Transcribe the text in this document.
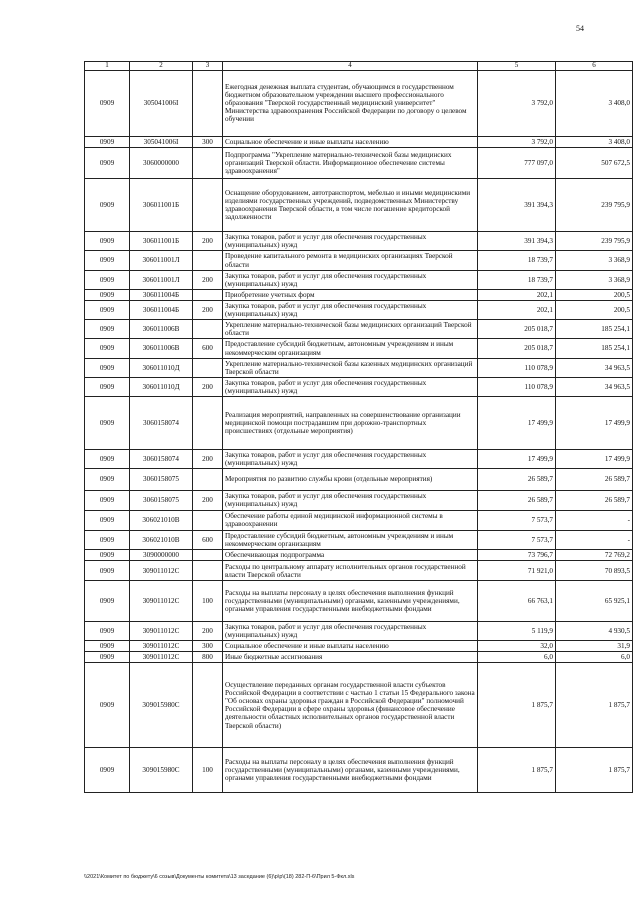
54
1	2	3	4	5	6
0909	305041006I		Ежегодная денежная выплата студентам, обучающимся в государственном бюджетном образовательном учреждении высшего профессионального образования "Тверской государственный медицинский университет" Министерства здравоохранения Российской Федерации по договору о целевом обучении	3 792,0	3 408,0
0909	305041006I	300	Социальное обеспечение и иные выплаты населению	3 792,0	3 408,0
0909	3060000000		Подпрограмма "Укрепление материально-технической базы медицинских организаций Тверской области. Информационное обеспечение системы здравоохранения"	777 097,0	507 672,5
0909	306011001Б		Оснащение оборудованием, автотранспортом, мебелью и иными медицинскими изделиями государственных учреждений, подведомственных Министерству здравоохранения Тверской области, в том числе погашение кредиторской задолженности	391 394,3	239 795,9
0909	306011001Б	200	Закупка товаров, работ и услуг для обеспечения государственных (муниципальных) нужд	391 394,3	239 795,9
0909	306011001Л		Проведение капитального ремонта в медицинских организациях Тверской области	18 739,7	3 368,9
0909	306011001Л	200	Закупка товаров, работ и услуг для обеспечения государственных (муниципальных) нужд	18 739,7	3 368,9
0909	306011004Б		Приобретение учетных форм	202,1	200,5
0909	306011004Б	200	Закупка товаров, работ и услуг для обеспечения государственных (муниципальных) нужд	202,1	200,5
0909	306011006В		Укрепление материально-технической базы медицинских организаций Тверской области	205 018,7	185 254,1
0909	306011006В	600	Предоставление субсидий бюджетным, автономным учреждениям и иным некоммерческим организациям	205 018,7	185 254,1
0909	306011010Д		Укрепление материально-технической базы казенных медицинских организаций Тверской области	110 078,9	34 963,5
0909	306011010Д	200	Закупка товаров, работ и услуг для обеспечения государственных (муниципальных) нужд	110 078,9	34 963,5
0909	3060158074		Реализация мероприятий, направленных на совершенствование организации медицинской помощи пострадавшим при дорожно-транспортных происшествиях (отдельные мероприятия)	17 499,9	17 499,9
0909	3060158074	200	Закупка товаров, работ и услуг для обеспечения государственных (муниципальных) нужд	17 499,9	17 499,9
0909	3060158075		Мероприятия по развитию службы крови (отдельные мероприятия)	26 589,7	26 589,7
0909	3060158075	200	Закупка товаров, работ и услуг для обеспечения государственных (муниципальных) нужд	26 589,7	26 589,7
0909	306021010В		Обеспечение работы единой медицинской информационной системы в здравоохранении	7 573,7	-
0909	306021010В	600	Предоставление субсидий бюджетным, автономным учреждениям и иным некоммерческим организациям	7 573,7	-
0909	3090000000		Обеспечивающая подпрограмма	73 796,7	72 769,2
0909	309011012С		Расходы по центральному аппарату исполнительных органов государственной власти Тверской области	71 921,0	70 893,5
0909	309011012С	100	Расходы на выплаты персоналу в целях обеспечения выполнения функций государственными (муниципальными) органами, казенными учреждениями, органами управления государственными внебюджетными фондами	66 763,1	65 925,1
0909	309011012С	200	Закупка товаров, работ и услуг для обеспечения государственных (муниципальных) нужд	5 119,9	4 930,5
0909	309011012С	300	Социальное обеспечение и иные выплаты населению	32,0	31,9
0909	309011012С	800	Иные бюджетные ассигнования	6,0	6,0
0909	309015980С		Осуществление переданных органам государственной власти субъектов Российской Федерации в соответствии с частью 1 статьи 15 Федерального закона "Об основах охраны здоровья граждан в Российской Федерации" полномочий Российской Федерации в сфере охраны здоровья (финансовое обеспечение деятельности областных исполнительных органов государственной власти Тверской области)	1 875,7	1 875,7
0909	309015980С	100	Расходы на выплаты персоналу в целях обеспечения выполнения функций государственными (муниципальными) органами, казенными учреждениями, органами управления государственными внебюджетными фондами	1 875,7	1 875,7
\\2021\Комитет по бюджету\6 созыв\Документы комитета\13 заседание (6)\р\р\(18) 282-П-6\Прил 5-Фкл.xls
